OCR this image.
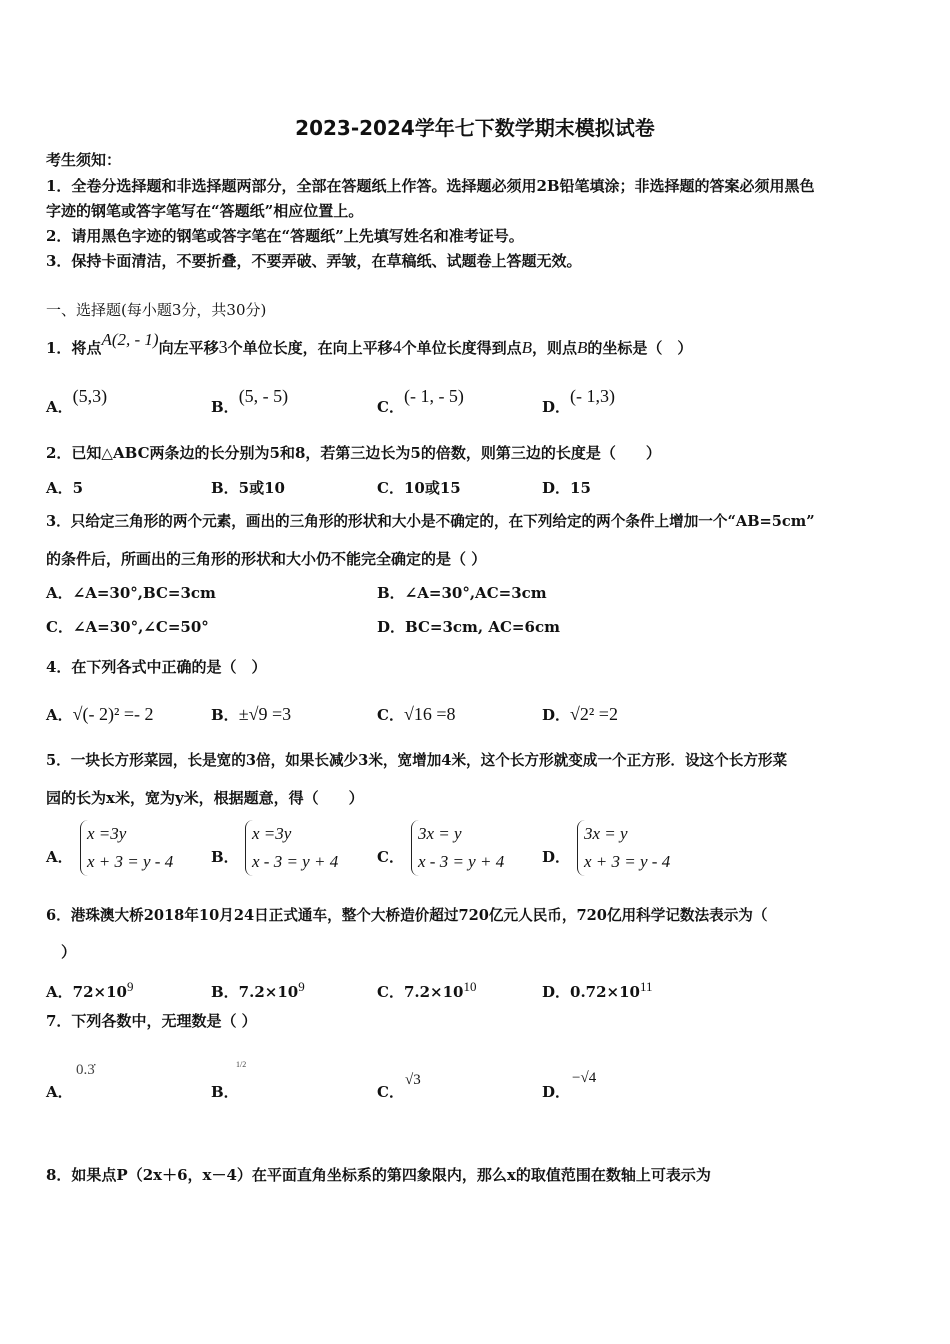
2023-2024学年七下数学期末模拟试卷
考生须知：
1．全卷分选择题和非选择题两部分，全部在答题纸上作答。选择题必须用2B铅笔填涂；非选择题的答案必须用黑色
字迹的钢笔或答字笔写在“答题纸”相应位置上。
2．请用黑色字迹的钢笔或答字笔在“答题纸”上先填写姓名和准考证号。
3．保持卡面清洁，不要折叠，不要弄破、弄皱，在草稿纸、试题卷上答题无效。
一、选择题(每小题3分，共30分)
1．将点A(2, - 1)向左平移3个单位长度，在向上平移4个单位长度得到点B，则点B的坐标是（　）
A．(5,3)
B．(5, - 5)
C．(- 1, - 5)
D．(- 1,3)
2．已知△ABC两条边的长分别为5和8，若第三边长为5的倍数，则第三边的长度是（　　）
A．5	B．5或10	C．10或15	D．15
3．只给定三角形的两个元素，画出的三角形的形状和大小是不确定的，在下列给定的两个条件上增加一个“AB=5cm”
的条件后，所画出的三角形的形状和大小仍不能完全确定的是（ ）
A．∠A=30°,BC=3cm	B．∠A=30°,AC=3cm
C．∠A=30°,∠C=50°	D．BC=3cm, AC=6cm
4．在下列各式中正确的是（　）
A．√(- 2)² =- 2	B．±√9 =3	C．√16 =8	D．√2² =2
5．一块长方形菜园，长是宽的3倍，如果长减少3米，宽增加4米，这个长方形就变成一个正方形．设这个长方形菜
园的长为x米，宽为y米，根据题意，得（　　）
A．
x =3y
x + 3 = y - 4	B．
x =3y
x - 3 = y + 4	C．
3x = y
x - 3 = y + 4	D．
3x = y
x + 3 = y - 4
6．港珠澳大桥2018年10月24日正式通车，整个大桥造价超过720亿元人民币，720亿用科学记数法表示为（
　）
A．$72\times 10^9$	B．$7.2\times 10^9$	C．$7.2\times 10^{10}$	D．$0.72\times 10^{11}$
7．下列各数中，无理数是（ ）
A．
0.3̇
B．
1/2
C．
√3
D．
−√4
8．如果点P（2x＋6，x－4）在平面直角坐标系的第四象限内，那么x的取值范围在数轴上可表示为
